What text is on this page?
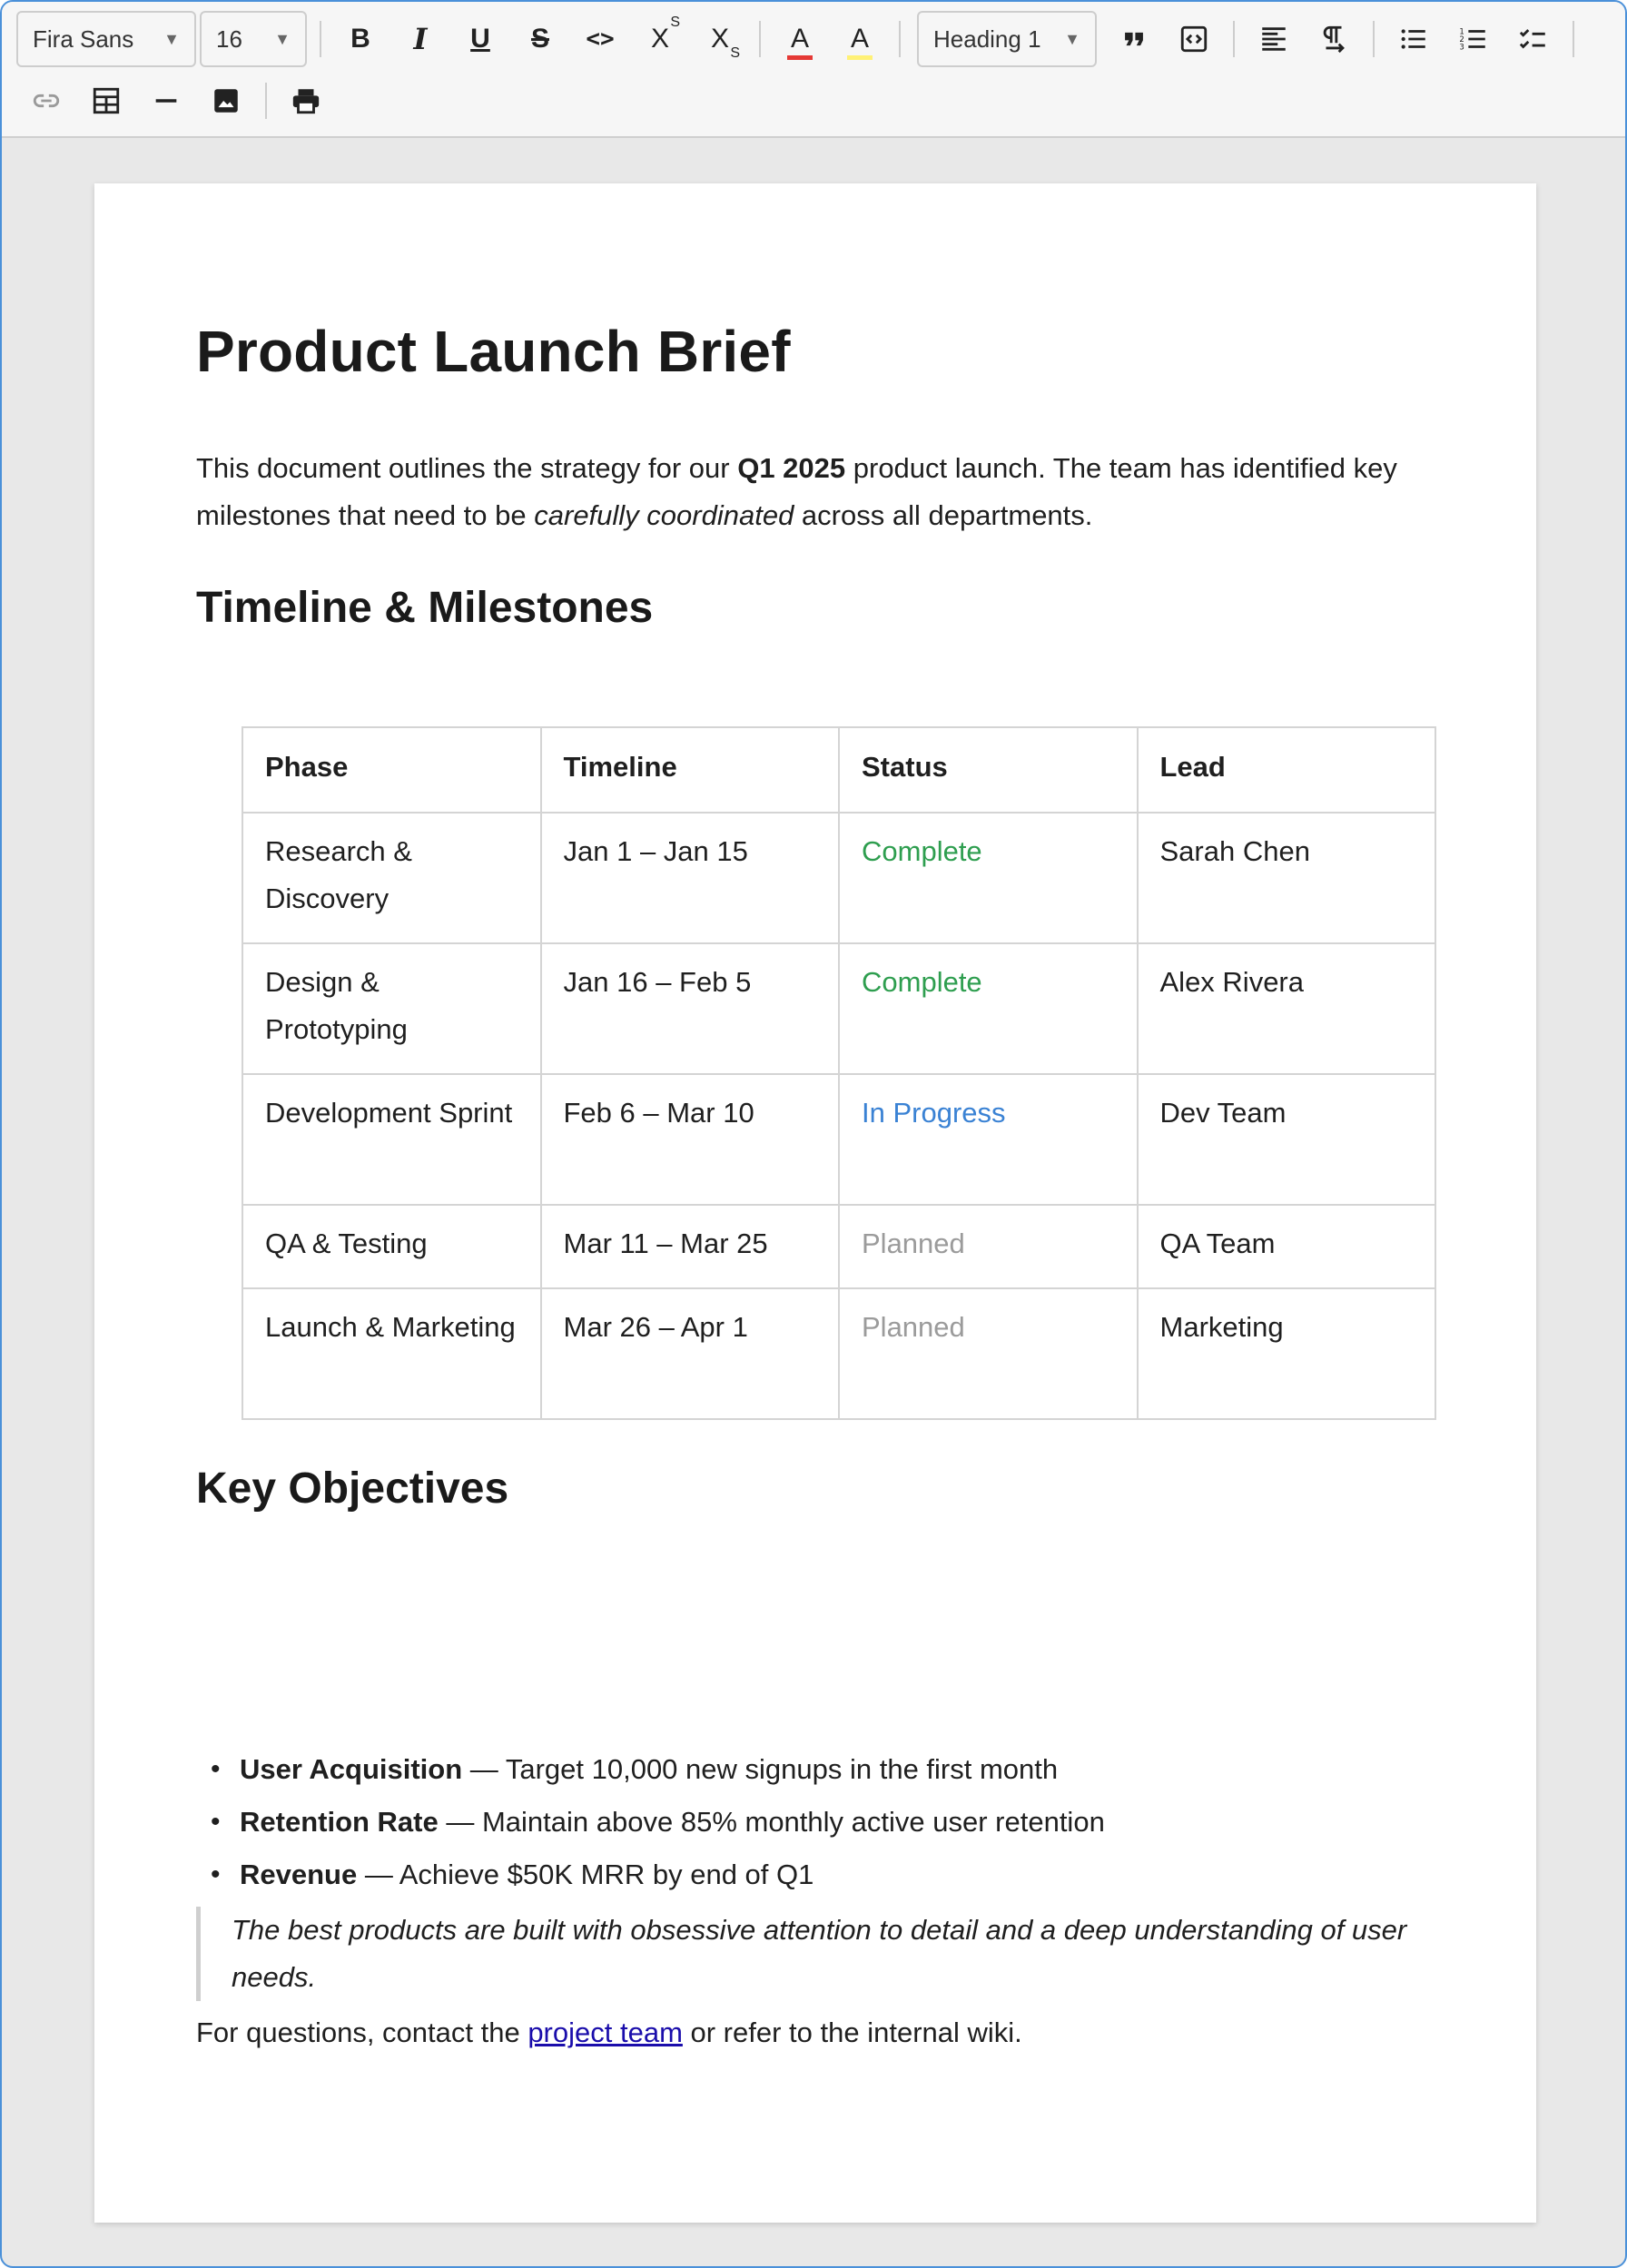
Fira Sans ▼ 16 ▼ B I U S <> X
S
X S A A	Heading 1 ▼	1
2
3
Product Launch Brief

This document outlines the strategy for our Q1 2025 product launch. The team has identified key milestones that need to be carefully coordinated across all departments.

Timeline & Milestones
Phase	Timeline	Status	Lead
Research & Discovery	Jan 1 – Jan 15	Complete	Sarah Chen
Design & Prototyping	Jan 16 – Feb 5	Complete	Alex Rivera
Development Sprint	Feb 6 – Mar 10	In Progress	Dev Team
QA & Testing	Mar 11 – Mar 25	Planned	QA Team
Launch & Marketing	Mar 26 – Apr 1	Planned	Marketing
Key Objectives
• User Acquisition — Target 10,000 new signups in the first month
• Retention Rate — Maintain above 85% monthly active user retention
• Revenue — Achieve $50K MRR by end of Q1
The best products are built with obsessive attention to detail and a deep understanding of user needs.

For questions, contact the project team or refer to the internal wiki.
